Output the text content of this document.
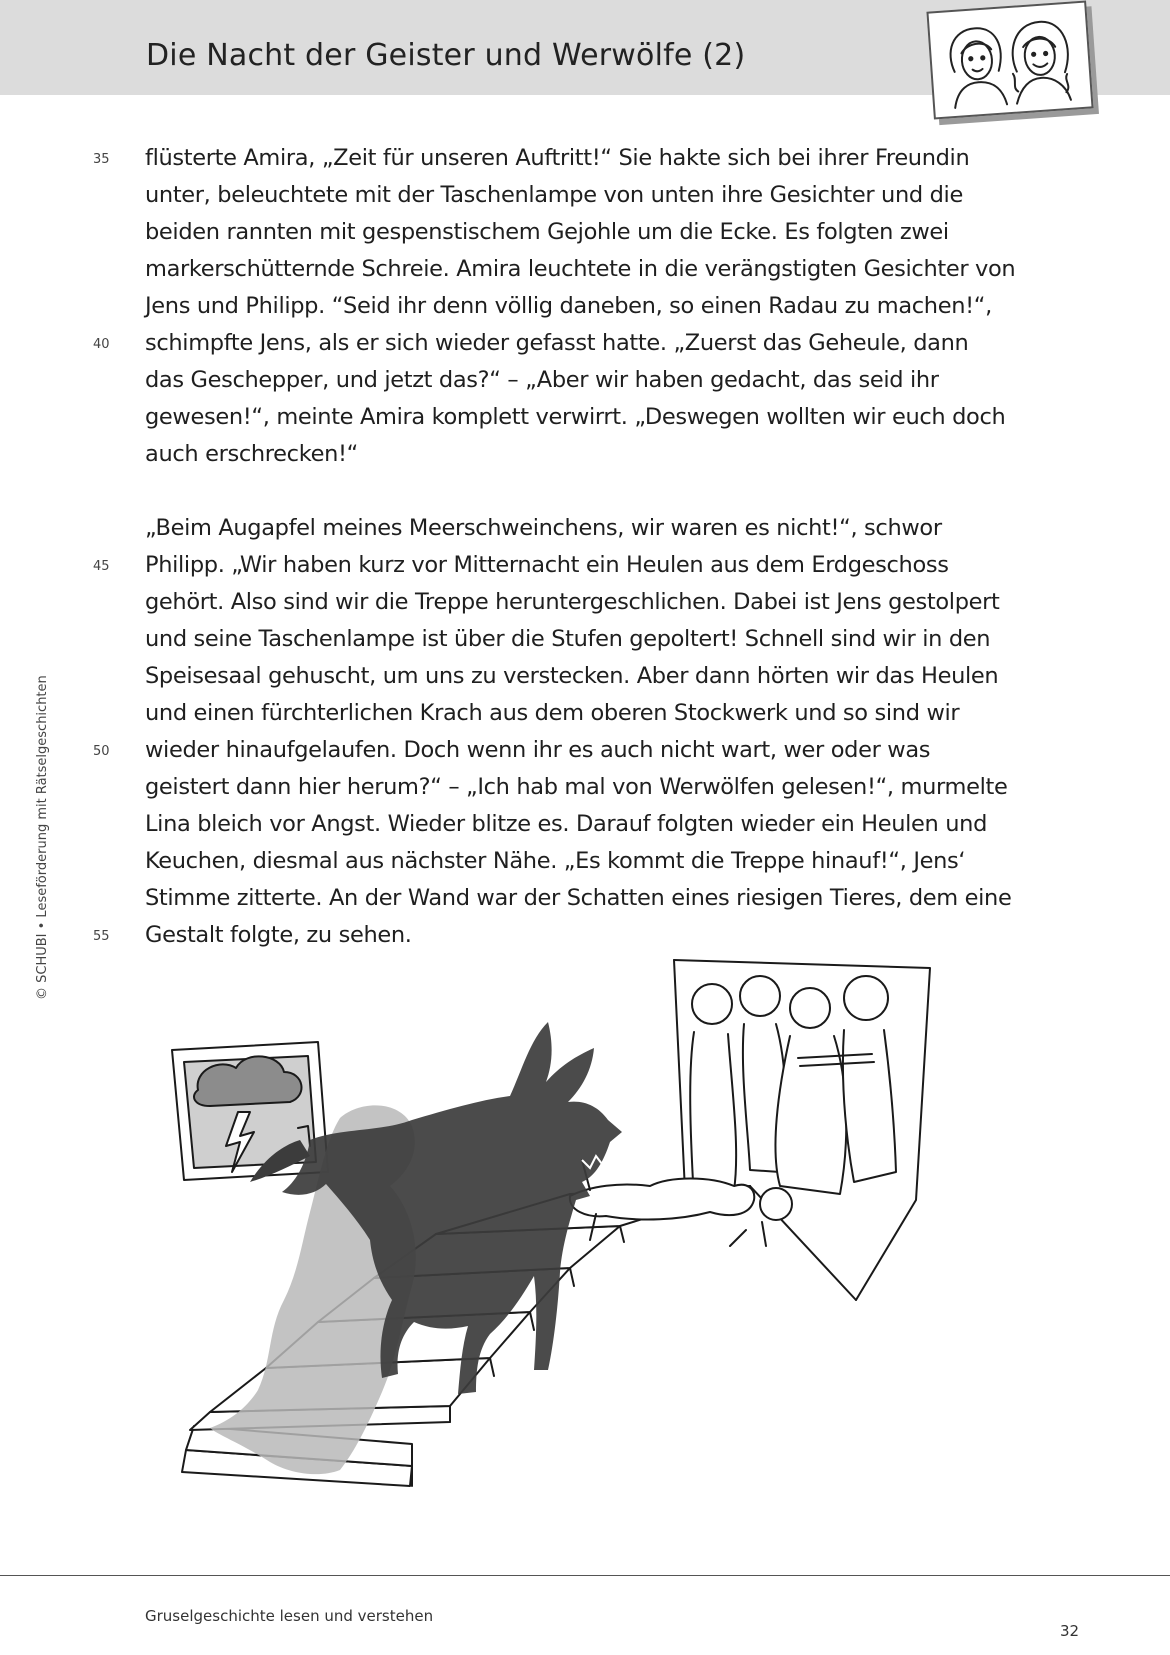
Die Nacht der Geister und Werwölfe (2)
35	flüsterte Amira, „Zeit für unseren Auftritt!“ Sie hakte sich bei ihrer Freundin
unter, beleuchtete mit der Taschenlampe von unten ihre Gesichter und die
beiden rannten mit gespenstischem Gejohle um die Ecke. Es folgten zwei
markerschütternde Schreie. Amira leuchtete in die verängstigten Gesichter von
Jens und Philipp. “Seid ihr denn völlig daneben, so einen Radau zu machen!“,
40	schimpfte Jens, als er sich wieder gefasst hatte. „Zuerst das Geheule, dann
das Geschepper, und jetzt das?“ – „Aber wir haben gedacht, das seid ihr
gewesen!“, meinte Amira komplett verwirrt. „Deswegen wollten wir euch doch
auch erschrecken!“
„Beim Augapfel meines Meerschweinchens, wir waren es nicht!“, schwor
45	Philipp. „Wir haben kurz vor Mitternacht ein Heulen aus dem Erdgeschoss
gehört. Also sind wir die Treppe heruntergeschlichen. Dabei ist Jens gestolpert
und seine Taschenlampe ist über die Stufen gepoltert! Schnell sind wir in den
Speisesaal gehuscht, um uns zu verstecken. Aber dann hörten wir das Heulen
und einen fürchterlichen Krach aus dem oberen Stockwerk und so sind wir
50	wieder hinaufgelaufen. Doch wenn ihr es auch nicht wart, wer oder was
geistert dann hier herum?“ – „Ich hab mal von Werwölfen gelesen!“, murmelte
Lina bleich vor Angst. Wieder blitze es. Darauf folgten wieder ein Heulen und
Keuchen, diesmal aus nächster Nähe. „Es kommt die Treppe hinauf!“, Jens‘
Stimme zitterte. An der Wand war der Schatten eines riesigen Tieres, dem eine
55	Gestalt folgte, zu sehen.
© SCHUBI • Leseförderung mit Rätselgeschichten
Gruselgeschichte lesen und verstehen
32
